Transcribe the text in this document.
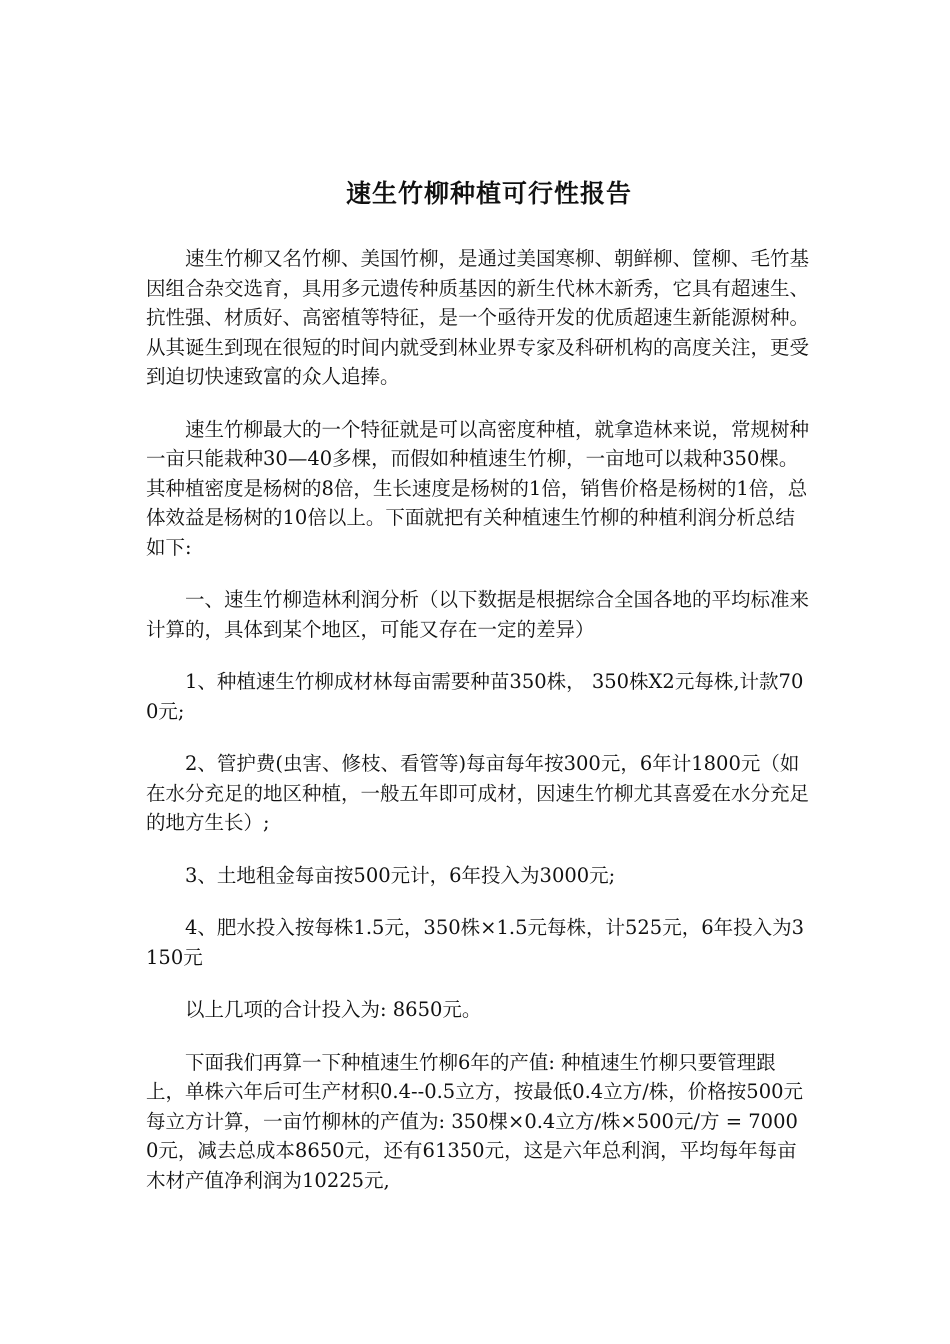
速生竹柳种植可行性报告

速生竹柳又名竹柳、美国竹柳，是通过美国寒柳、朝鲜柳、筐柳、毛竹基因组合杂交选育，具用多元遗传种质基因的新生代林木新秀，它具有超速生、抗性强、材质好、高密植等特征，是一个亟待开发的优质超速生新能源树种。从其诞生到现在很短的时间内就受到林业界专家及科研机构的高度关注，更受到迫切快速致富的众人追捧。

速生竹柳最大的一个特征就是可以高密度种植，就拿造林来说，常规树种一亩只能栽种30—40多棵，而假如种植速生竹柳，一亩地可以栽种350棵。其种植密度是杨树的8倍，生长速度是杨树的1倍，销售价格是杨树的1倍，总体效益是杨树的10倍以上。下面就把有关种植速生竹柳的种植利润分析总结如下:

一、速生竹柳造林利润分析（以下数据是根据综合全国各地的平均标准来计算的，具体到某个地区，可能又存在一定的差异）

1、种植速生竹柳成材林每亩需要种苗350株， 350株X2元每株,计款700元;

2、管护费(虫害、修枝、看管等)每亩每年按300元，6年计1800元（如在水分充足的地区种植，一般五年即可成材，因速生竹柳尤其喜爱在水分充足的地方生长）;

3、土地租金每亩按500元计，6年投入为3000元;

4、肥水投入按每株1.5元，350株×1.5元每株，计525元，6年投入为3150元

以上几项的合计投入为: 8650元。

下面我们再算一下种植速生竹柳6年的产值: 种植速生竹柳只要管理跟上，单株六年后可生产材积0.4--0.5立方，按最低0.4立方/株，价格按500元每立方计算，一亩竹柳林的产值为: 350棵×0.4立方/株×500元/方 = 70000元，减去总成本8650元，还有61350元，这是六年总利润，平均每年每亩木材产值净利润为10225元,
